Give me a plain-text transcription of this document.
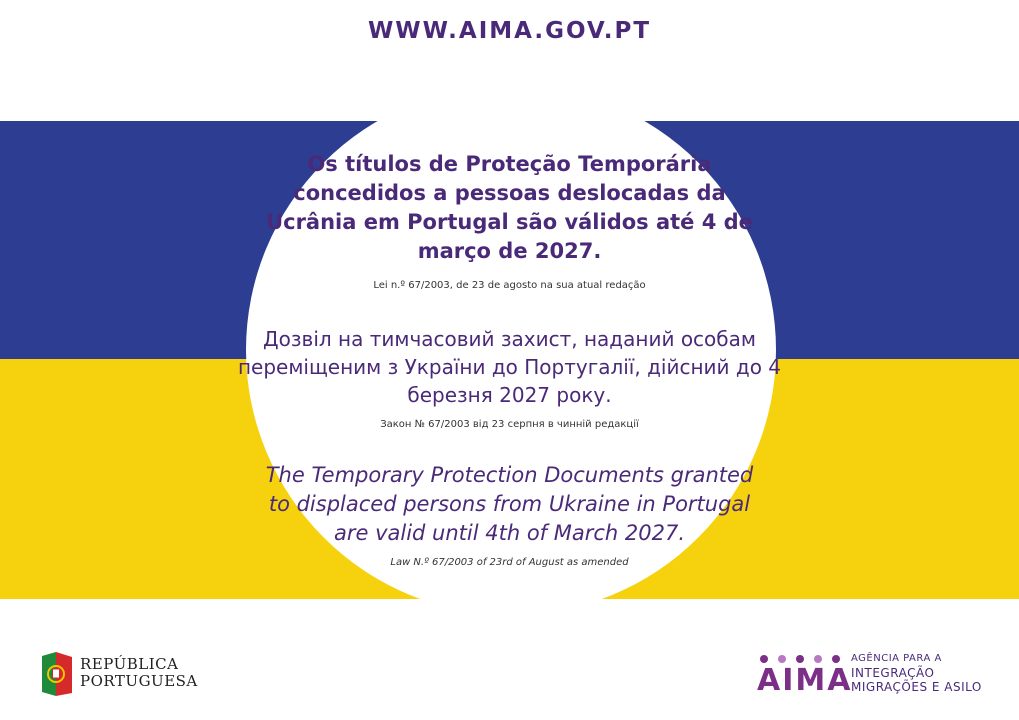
WWW.AIMA.GOV.PT
Os títulos de Proteção Temporária
concedidos a pessoas deslocadas da
Ucrânia em Portugal são válidos até 4 de
março de 2027.
Lei n.º 67/2003, de 23 de agosto na sua atual redação
Дозвіл на тимчасовий захист, наданий особам
переміщеним з України до Португалії, дійсний до 4
березня 2027 року.
Закон № 67/2003 від 23 серпня в чинній редакції
The Temporary Protection Documents granted
to displaced persons from Ukraine in Portugal
are valid until 4th of March 2027.
Law N.º 67/2003 of 23rd of August as amended
REPÚBLICA
PORTUGUESA	AIMA
AGÊNCIA PARA A
INTEGRAÇÃO
MIGRAÇÕES E ASILO
